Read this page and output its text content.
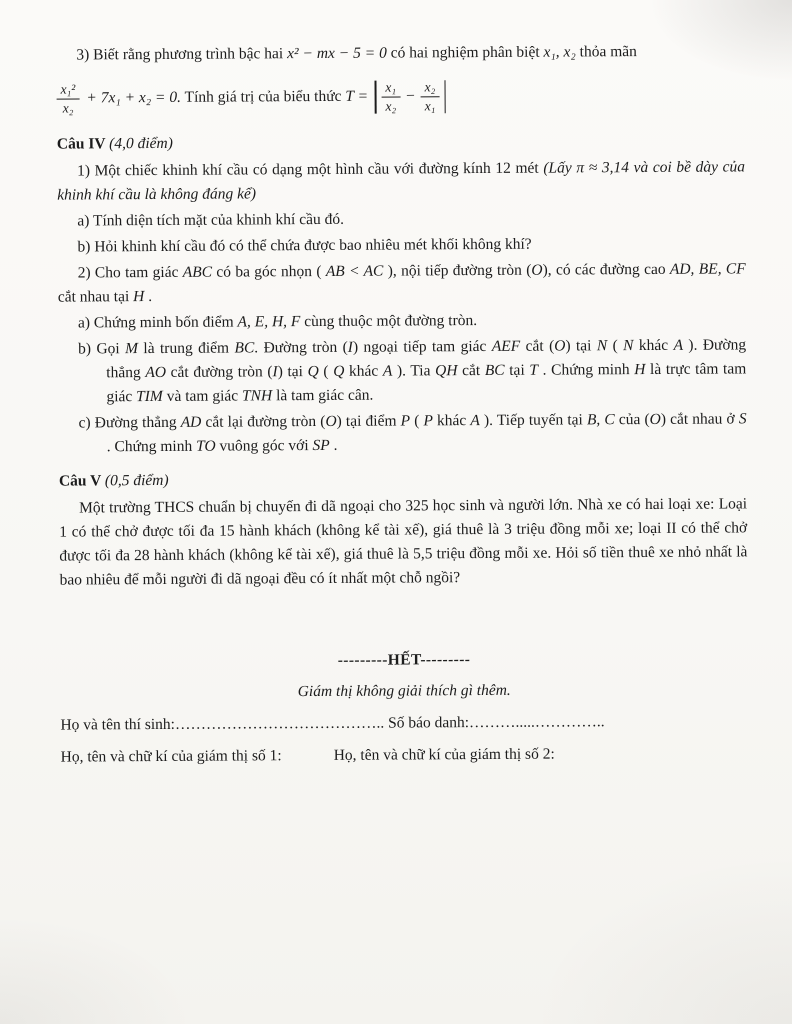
3) Biết rằng phương trình bậc hai x² − mx − 5 = 0 có hai nghiệm phân biệt x₁, x₂ thỏa mãn

$\frac{\text{x₁²}}{\text{x₂}} + 7x_1 + x_2 = 0$. Tính giá trị của biểu thức $T = \frac{\text{x₁}}{\text{x₂}} - \frac{\text{x₂}}{\text{x₁}}$

Câu IV (4,0 điểm)

1) Một chiếc khinh khí cầu có dạng một hình cầu với đường kính 12 mét (Lấy π ≈ 3,14 và coi bề dày của khinh khí cầu là không đáng kể)

a) Tính diện tích mặt của khinh khí cầu đó.

b) Hỏi khinh khí cầu đó có thể chứa được bao nhiêu mét khối không khí?

2) Cho tam giác ABC có ba góc nhọn ( AB < AC ), nội tiếp đường tròn (O), có các đường cao AD, BE, CF cắt nhau tại H .

a) Chứng minh bốn điểm A, E, H, F cùng thuộc một đường tròn.

b) Gọi M là trung điểm BC. Đường tròn (I) ngoại tiếp tam giác AEF cắt (O) tại N ( N khác A ). Đường thẳng AO cắt đường tròn (I) tại Q ( Q khác A ). Tia QH cắt BC tại T . Chứng minh H là trực tâm tam giác TIM và tam giác TNH là tam giác cân.

c) Đường thẳng AD cắt lại đường tròn (O) tại điểm P ( P khác A ). Tiếp tuyến tại B, C của (O) cắt nhau ở S . Chứng minh TO vuông góc với SP .

Câu V (0,5 điểm)

Một trường THCS chuẩn bị chuyến đi dã ngoại cho 325 học sinh và người lớn. Nhà xe có hai loại xe: Loại 1 có thể chở được tối đa 15 hành khách (không kể tài xế), giá thuê là 3 triệu đồng mỗi xe; loại II có thể chở được tối đa 28 hành khách (không kể tài xế), giá thuê là 5,5 triệu đồng mỗi xe. Hỏi số tiền thuê xe nhỏ nhất là bao nhiêu để mỗi người đi dã ngoại đều có ít nhất một chỗ ngồi?

---------HẾT---------

Giám thị không giải thích gì thêm.

Họ và tên thí sinh:………………………………….. Số báo danh:……….....…………..

Họ, tên và chữ kí của giám thị số 1:	Họ, tên và chữ kí của giám thị số 2:
